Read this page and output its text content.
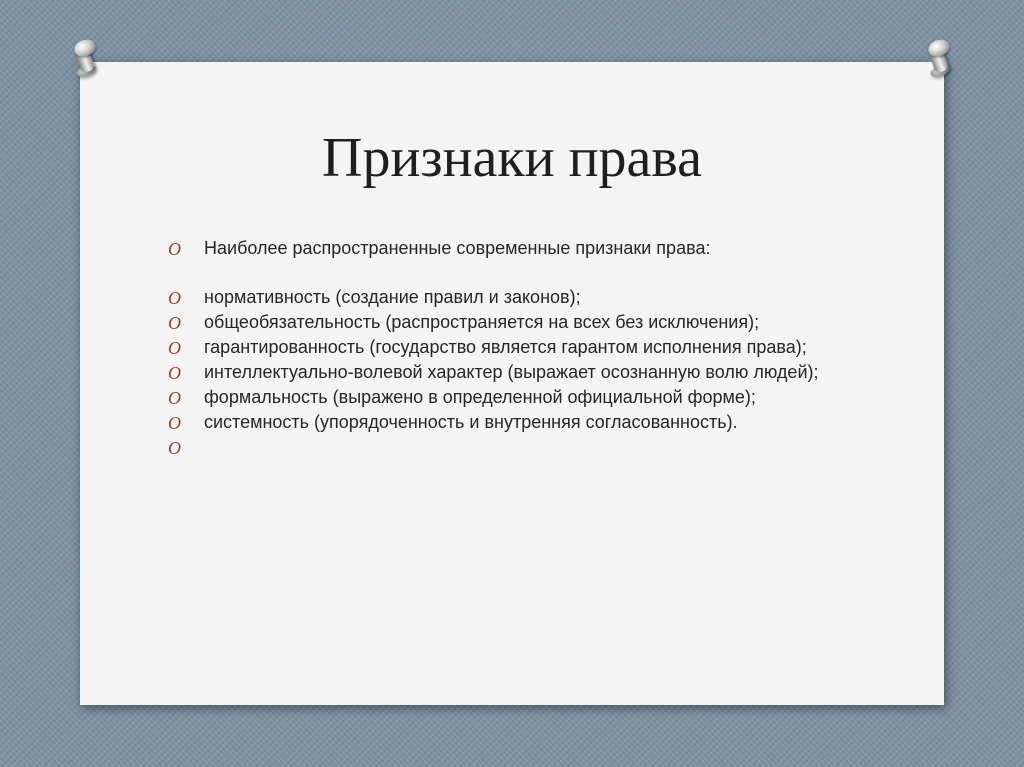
Признаки права
O Наиболее распространенные современные признаки права:
O нормативность (создание правил и законов);
O общеобязательность (распространяется на всех без исключения);
O гарантированность (государство является гарантом исполнения права);
O интеллектуально-волевой характер (выражает осознанную волю людей);
O формальность (выражено в определенной официальной форме);
O системность (упорядоченность и внутренняя согласованность).
O
